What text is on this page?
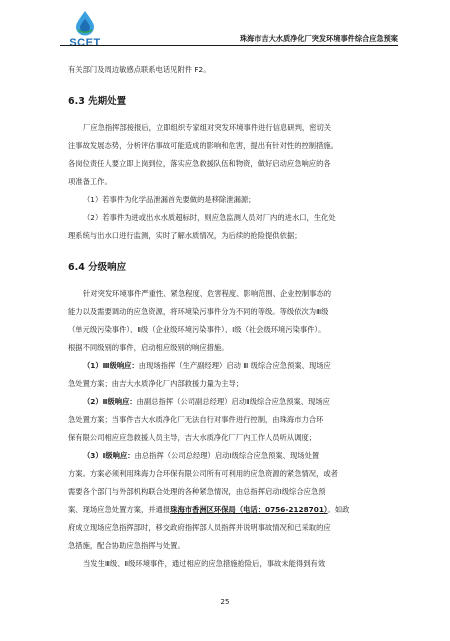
SCET	珠海市吉大水质净化厂突发环境事件综合应急预案
有关部门及周边敏感点联系电话见附件 F2。
6.3 先期处置
厂应急指挥部接报后，立即组织专家组对突发环境事件进行信息研判，密切关
注事故发展态势，分析评估事故可能造成的影响和危害，提出有针对性的控制措施。
各岗位责任人要立即上岗到位，落实应急救援队伍和物资，做好启动应急响应的各
项准备工作。
（1）若事件为化学品泄漏首先要做的是移除泄漏源；
（2）若事件为进或出水水质超标时，则应急监测人员对厂内的进水口，生化处
理系统与出水口进行监测，实时了解水质情况，为后续的抢险提供依据；
6.4 分级响应
针对突发环境事件严重性、紧急程度、危害程度、影响范围、企业控制事态的
能力以及需要调动的应急资源，将环境染污事件分为不同的等级。等级依次为Ⅲ级
（单元级污染事件）、Ⅱ级（企业级环境污染事件）、Ⅰ级（社会级环境污染事件）。
根据不同级别的事件，启动相应级别的响应措施。
（1）Ⅲ级响应：由现场指挥（生产副经理）启动 Ⅲ 级综合应急预案、现场应
急处置方案；由吉大水质净化厂内部救援力量为主导；
（2）Ⅱ级响应：由副总指挥（公司副总经理）启动Ⅱ级综合应急预案、现场应
急处置方案；当事件吉大水质净化厂无法自行对事件进行控制，由珠海市力合环
保有限公司相应应急救援人员主导，吉大水质净化厂厂内工作人员听从调度；
（3）Ⅰ级响应：由总指挥（公司总经理）启动Ⅰ级综合应急预案、现场处置
方案。方案必须利用珠海力合环保有限公司所有可利用的应急资源的紧急情况，或者
需要各个部门与外部机构联合处理的各种紧急情况，由总指挥启动Ⅰ级综合应急预
案、现场应急处置方案，并通报珠海市香洲区环保局（电话：0756-2128701）。如政
府成立现场应急指挥部时，移交政府指挥部人员指挥并说明事故情况和已采取的应
急措施，配合协助应急指挥与处置。
当发生Ⅲ级、Ⅱ级环境事件，通过相应的应急措施抢险后，事故未能得到有效
25
